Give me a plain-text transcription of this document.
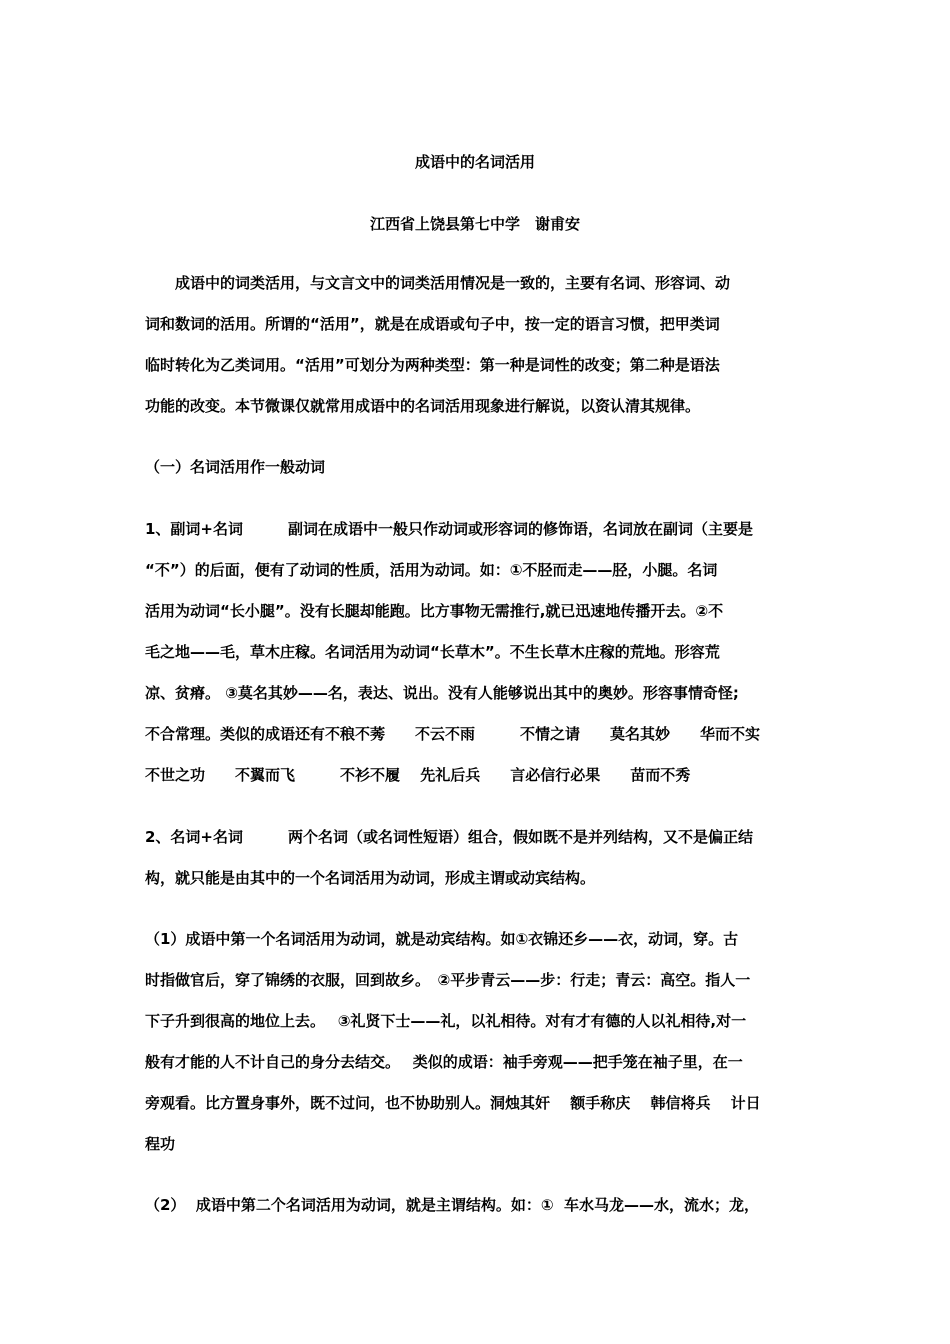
成语中的名词活用
江西省上饶县第七中学　谢甫安
　　成语中的词类活用，与文言文中的词类活用情况是一致的，主要有名词、形容词、动
词和数词的活用。所谓的“活用”，就是在成语或句子中，按一定的语言习惯，把甲类词
临时转化为乙类词用。“活用”可划分为两种类型：第一种是词性的改变；第二种是语法
功能的改变。本节微课仅就常用成语中的名词活用现象进行解说，以资认清其规律。
（一）名词活用作一般动词
1、副词+名词　　　副词在成语中一般只作动词或形容词的修饰语，名词放在副词（主要是
“不”）的后面，便有了动词的性质，活用为动词。如：①不胫而走——胫，小腿。名词
活用为动词“长小腿”。没有长腿却能跑。比方事物无需推行,就已迅速地传播开去。②不
毛之地——毛，草木庄稼。名词活用为动词“长草木”。不生长草木庄稼的荒地。形容荒
凉、贫瘠。 ③莫名其妙——名，表达、说出。没有人能够说出其中的奥妙。形容事情奇怪;
不合常理。类似的成语还有不稂不莠　　不云不雨　　　不情之请　　莫名其妙　　华而不实
不世之功　　不翼而飞　　　不衫不履　 先礼后兵　　言必信行必果　　苗而不秀
2、名词+名词　　　两个名词（或名词性短语）组合，假如既不是并列结构，又不是偏正结
构，就只能是由其中的一个名词活用为动词，形成主谓或动宾结构。
（1）成语中第一个名词活用为动词，就是动宾结构。如①衣锦还乡——衣，动词，穿。古
时指做官后，穿了锦绣的衣服，回到故乡。　②平步青云——步：行走；青云：高空。指人一
下子升到很高的地位上去。　 ③礼贤下士——礼，以礼相待。对有才有德的人以礼相待,对一
般有才能的人不计自己的身分去结交。　 类似的成语：袖手旁观——把手笼在袖子里，在一
旁观看。比方置身事外，既不过问，也不协助别人。洞烛其奸　 额手称庆　 韩信将兵　 计日
程功
（2）  成语中第二个名词活用为动词，就是主谓结构。如：①  车水马龙——水，流水；龙，
